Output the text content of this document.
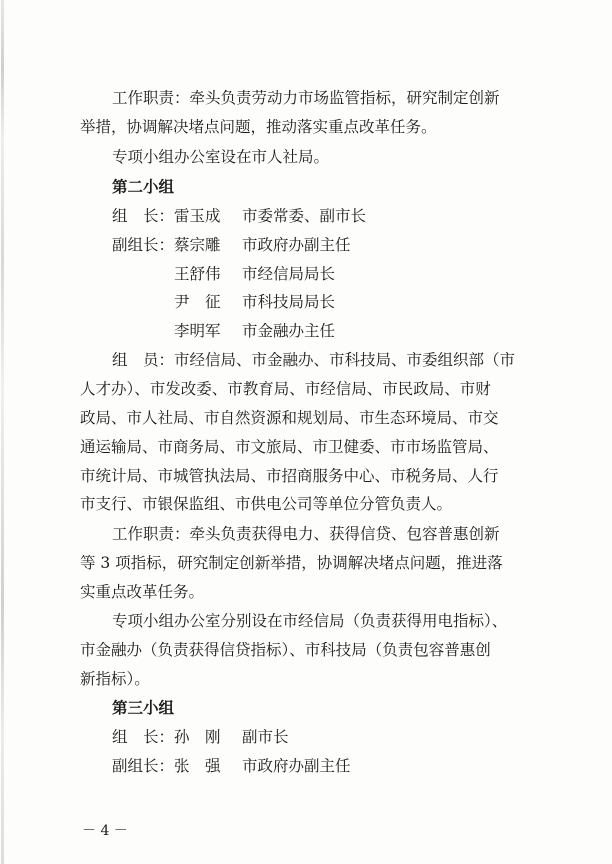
工作职责：牵头负责劳动力市场监管指标，研究制定创新

举措，协调解决堵点问题，推动落实重点改革任务。

专项小组办公室设在市人社局。

第二小组

组　长： 雷玉成 市委常委、副市长
副组长： 蔡宗雕 市政府办副主任
王舒伟 市经信局局长
尹　征 市科技局局长
李明军 市金融办主任

组　员：市经信局、市金融办、市科技局、市委组织部（市

人才办）、市发改委、市教育局、市经信局、市民政局、市财

政局、市人社局、市自然资源和规划局、市生态环境局、市交

通运输局、市商务局、市文旅局、市卫健委、市市场监管局、

市统计局、市城管执法局、市招商服务中心、市税务局、人行

市支行、市银保监组、市供电公司等单位分管负责人。

工作职责：牵头负责获得电力、获得信贷、包容普惠创新

等 3 项指标，研究制定创新举措，协调解决堵点问题，推进落

实重点改革任务。

专项小组办公室分别设在市经信局（负责获得用电指标）、

市金融办（负责获得信贷指标）、市科技局（负责包容普惠创

新指标）。

第三小组

组　长： 孙　刚 副市长
副组长： 张　强 市政府办副主任
－ 4 －
